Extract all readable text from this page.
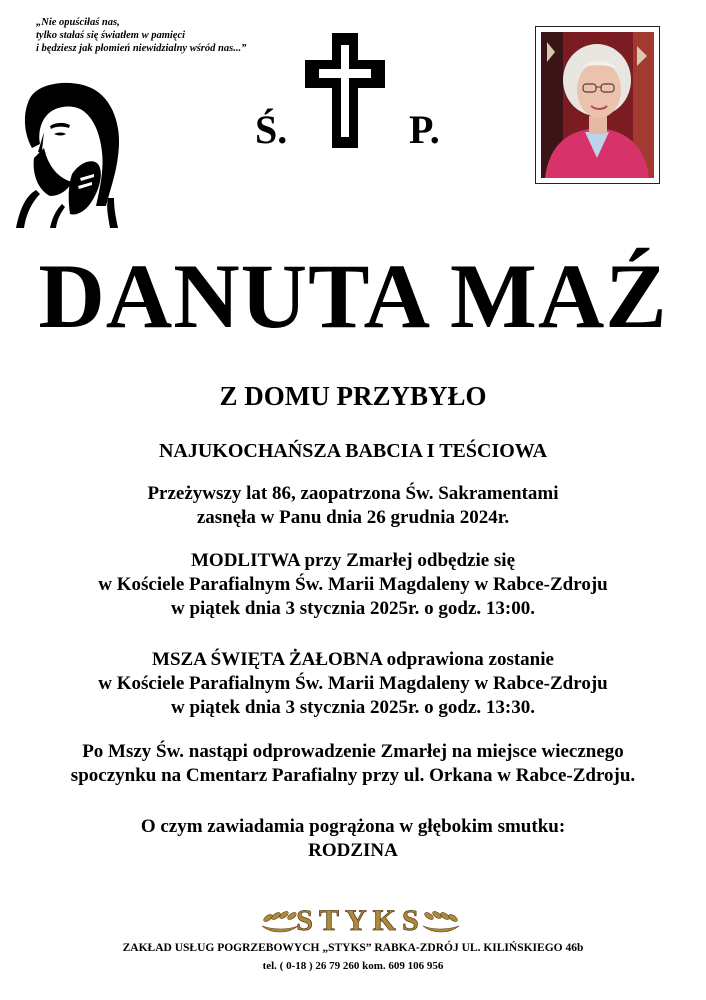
„Nie opuściłaś nas,
tylko stałaś się światłem w pamięci
i będziesz jak płomień niewidzialny wśród nas...”
Ś.	P.
DANUTA MAŹ
Z DOMU PRZYBYŁO
NAJUKOCHAŃSZA BABCIA I TEŚCIOWA
Przeżywszy lat 86, zaopatrzona Św. Sakramentami
zasnęła w Panu dnia 26 grudnia 2024r.
MODLITWA przy Zmarłej odbędzie się
w Kościele Parafialnym Św. Marii Magdaleny w Rabce-Zdroju
w piątek dnia 3 stycznia 2025r. o godz. 13:00.
MSZA ŚWIĘTA ŻAŁOBNA odprawiona zostanie
w Kościele Parafialnym Św. Marii Magdaleny w Rabce-Zdroju
w piątek dnia 3 stycznia 2025r. o godz. 13:30.
Po Mszy Św. nastąpi odprowadzenie Zmarłej na miejsce wiecznego
spoczynku na Cmentarz Parafialny przy ul. Orkana w Rabce-Zdroju.
O czym zawiadamia pogrążona w głębokim smutku:
RODZINA
STYKS
ZAKŁAD USŁUG POGRZEBOWYCH „STYKS” RABKA-ZDRÓJ UL. KILIŃSKIEGO 46b
tel. ( 0-18 ) 26 79 260 kom. 609 106 956
